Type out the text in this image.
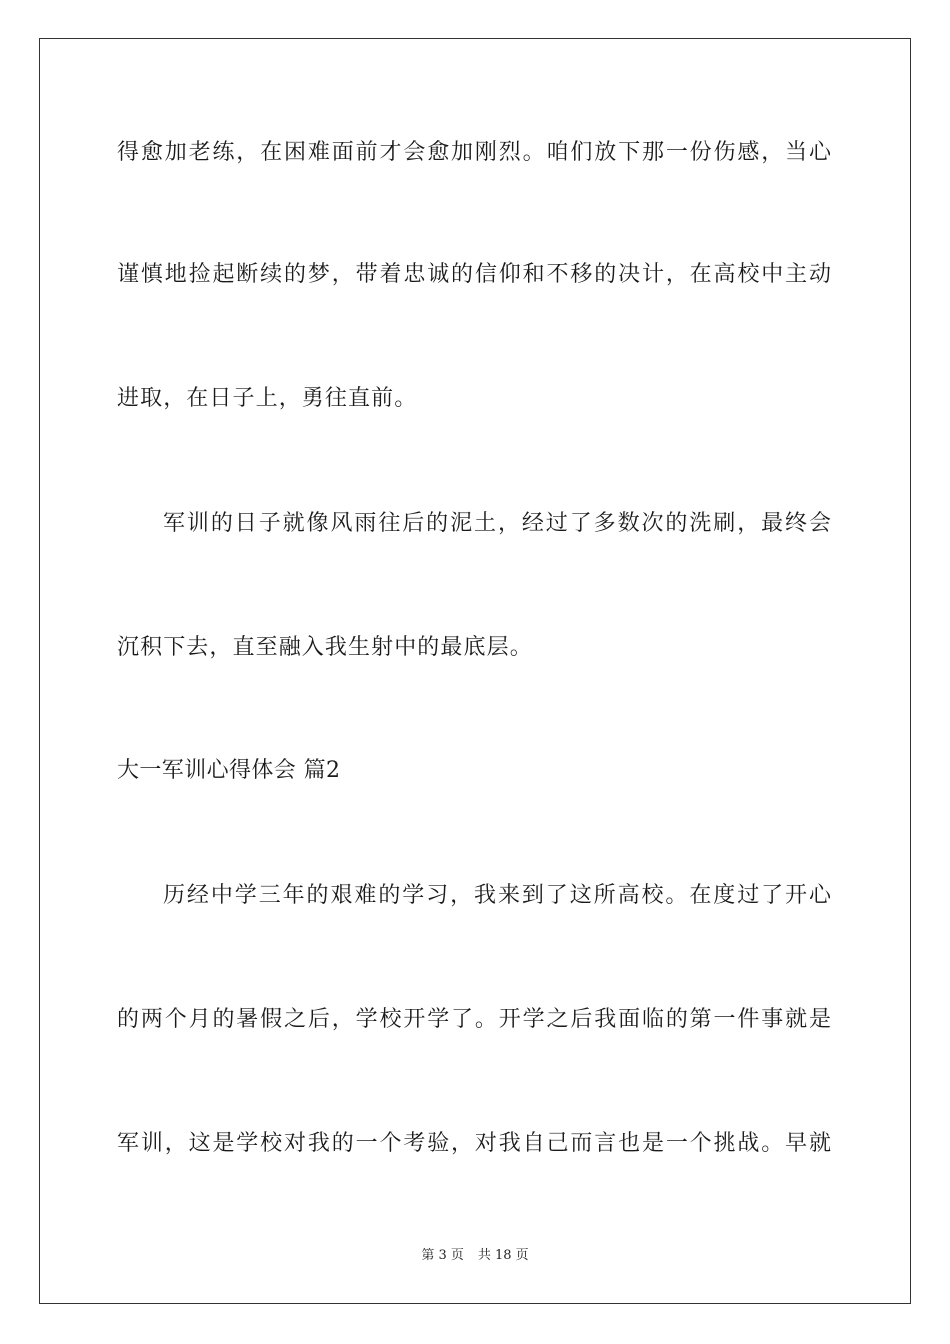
得愈加老练，在困难面前才会愈加刚烈。咱们放下那一份伤感，当心
谨慎地捡起断续的梦，带着忠诚的信仰和不移的决计，在高校中主动
进取，在日子上，勇往直前。
军训的日子就像风雨往后的泥土，经过了多数次的洗刷，最终会
沉积下去，直至融入我生射中的最底层。
大一军训心得体会 篇2
历经中学三年的艰难的学习，我来到了这所高校。在度过了开心
的两个月的暑假之后，学校开学了。开学之后我面临的第一件事就是
军训，这是学校对我的一个考验，对我自己而言也是一个挑战。早就
第 3 页 共 18 页
